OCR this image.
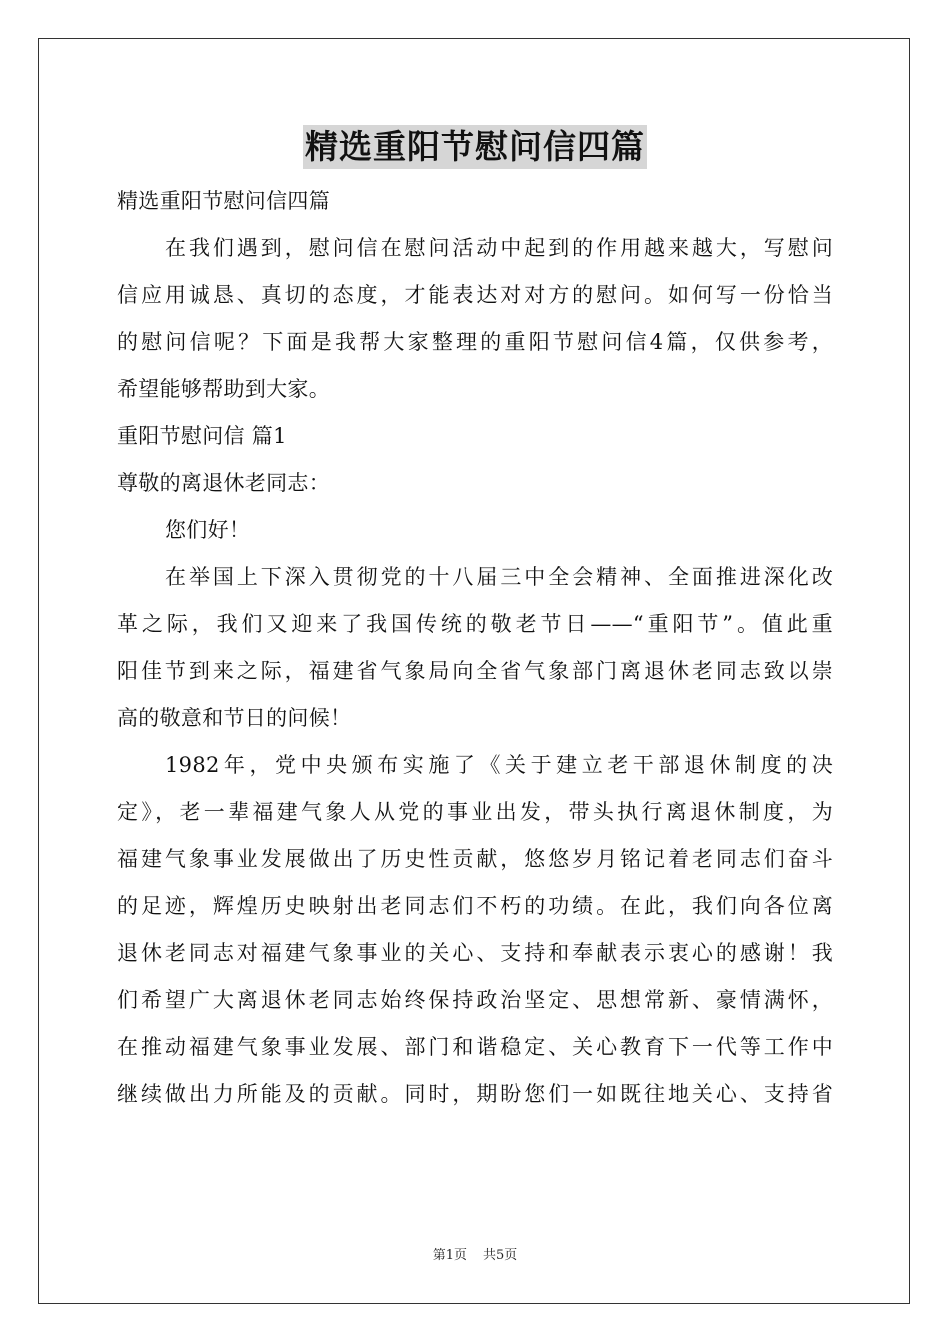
精选重阳节慰问信四篇

精选重阳节慰问信四篇

在我们遇到，慰问信在慰问活动中起到的作用越来越大，写慰问

信应用诚恳、真切的态度，才能表达对对方的慰问。如何写一份恰当

的慰问信呢？下面是我帮大家整理的重阳节慰问信4篇，仅供参考，

希望能够帮助到大家。

重阳节慰问信 篇1

尊敬的离退休老同志：

您们好！

在举国上下深入贯彻党的十八届三中全会精神、全面推进深化改

革之际，我们又迎来了我国传统的敬老节日——“重阳节”。值此重

阳佳节到来之际，福建省气象局向全省气象部门离退休老同志致以崇

高的敬意和节日的问候！

1982年，党中央颁布实施了《关于建立老干部退休制度的决

定》，老一辈福建气象人从党的事业出发，带头执行离退休制度，为

福建气象事业发展做出了历史性贡献，悠悠岁月铭记着老同志们奋斗

的足迹，辉煌历史映射出老同志们不朽的功绩。在此，我们向各位离

退休老同志对福建气象事业的关心、支持和奉献表示衷心的感谢！我

们希望广大离退休老同志始终保持政治坚定、思想常新、豪情满怀，

在推动福建气象事业发展、部门和谐稳定、关心教育下一代等工作中

继续做出力所能及的贡献。同时，期盼您们一如既往地关心、支持省

第1页 共5页
